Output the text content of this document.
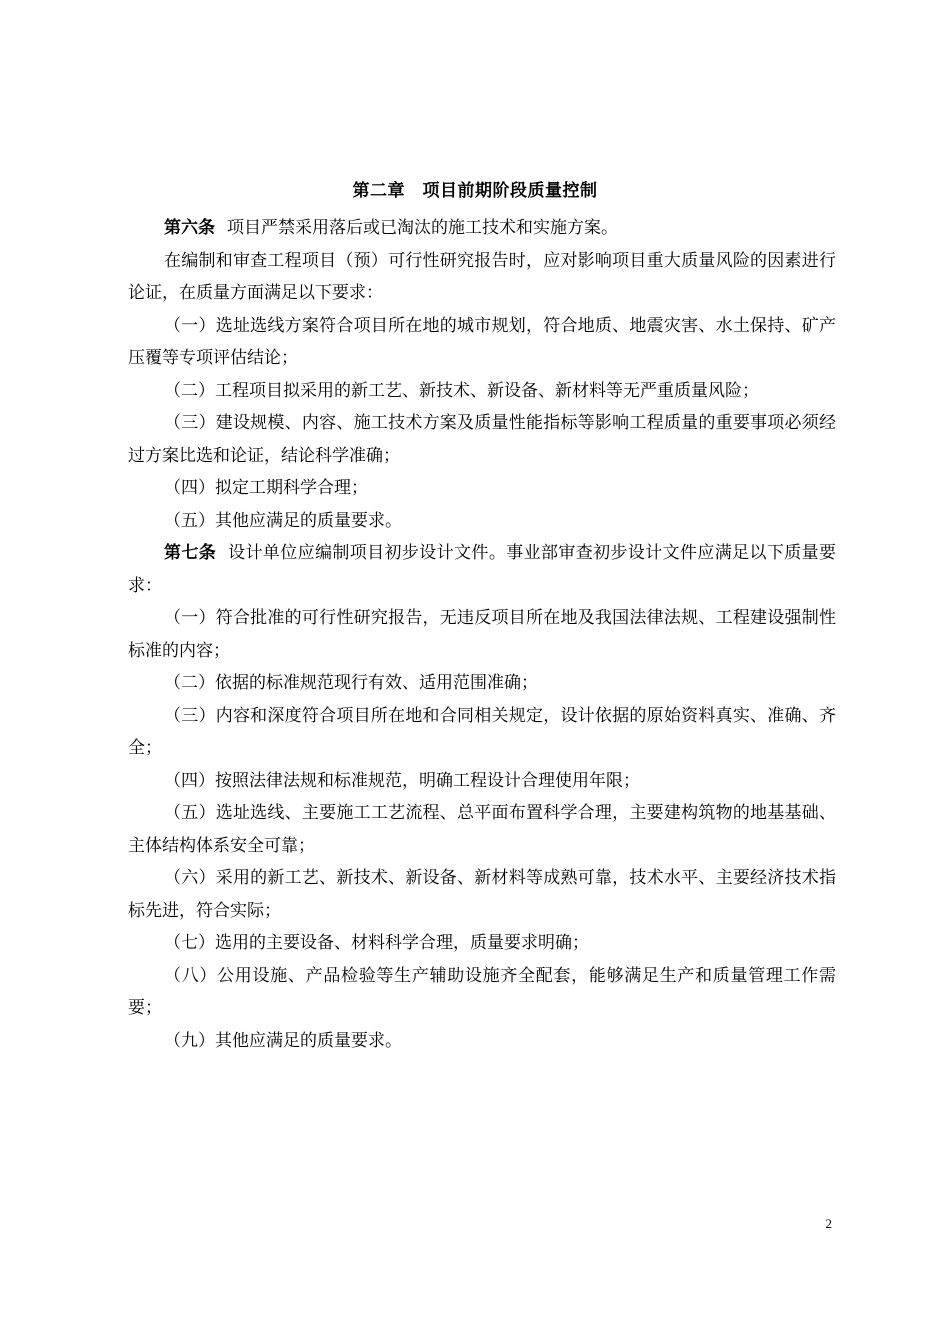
第二章　项目前期阶段质量控制

第六条 项目严禁采用落后或已淘汰的施工技术和实施方案。

在编制和审查工程项目（预）可行性研究报告时，应对影响项目重大质量风险的因素进行论证，在质量方面满足以下要求：

（一）选址选线方案符合项目所在地的城市规划，符合地质、地震灾害、水土保持、矿产压覆等专项评估结论；

（二）工程项目拟采用的新工艺、新技术、新设备、新材料等无严重质量风险；

（三）建设规模、内容、施工技术方案及质量性能指标等影响工程质量的重要事项必须经过方案比选和论证，结论科学准确；

（四）拟定工期科学合理；

（五）其他应满足的质量要求。

第七条 设计单位应编制项目初步设计文件。事业部审查初步设计文件应满足以下质量要求：

（一）符合批准的可行性研究报告，无违反项目所在地及我国法律法规、工程建设强制性标准的内容；

（二）依据的标准规范现行有效、适用范围准确；

（三）内容和深度符合项目所在地和合同相关规定，设计依据的原始资料真实、准确、齐全；

（四）按照法律法规和标准规范，明确工程设计合理使用年限；

（五）选址选线、主要施工工艺流程、总平面布置科学合理，主要建构筑物的地基基础、主体结构体系安全可靠；

（六）采用的新工艺、新技术、新设备、新材料等成熟可靠，技术水平、主要经济技术指标先进，符合实际；

（七）选用的主要设备、材料科学合理，质量要求明确；

（八）公用设施、产品检验等生产辅助设施齐全配套，能够满足生产和质量管理工作需要；

（九）其他应满足的质量要求。

2
